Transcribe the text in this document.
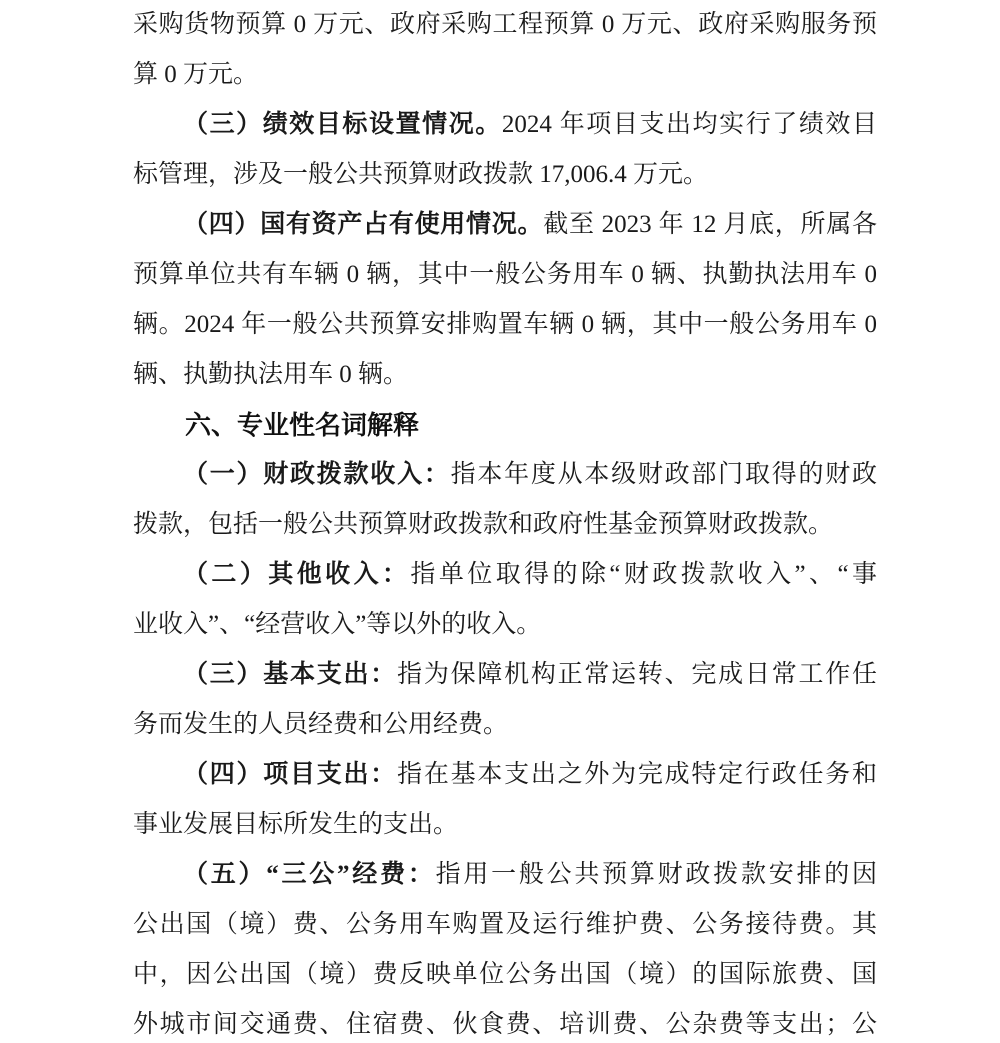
采购货物预算 0 万元、政府采购工程预算 0 万元、政府采购服务预
算 0 万元。
（三）绩效目标设置情况。2024 年项目支出均实行了绩效目
标管理，涉及一般公共预算财政拨款 17,006.4 万元。
（四）国有资产占有使用情况。截至 2023 年 12 月底，所属各
预算单位共有车辆 0 辆，其中一般公务用车 0 辆、执勤执法用车 0
辆。2024 年一般公共预算安排购置车辆 0 辆，其中一般公务用车 0
辆、执勤执法用车 0 辆。
六、专业性名词解释
（一）财政拨款收入：指本年度从本级财政部门取得的财政
拨款，包括一般公共预算财政拨款和政府性基金预算财政拨款。
（二）其他收入：指单位取得的除“财政拨款收入”、“事
业收入”、“经营收入”等以外的收入。
（三）基本支出：指为保障机构正常运转、完成日常工作任
务而发生的人员经费和公用经费。
（四）项目支出：指在基本支出之外为完成特定行政任务和
事业发展目标所发生的支出。
（五）“三公”经费：指用一般公共预算财政拨款安排的因
公出国（境）费、公务用车购置及运行维护费、公务接待费。其
中，因公出国（境）费反映单位公务出国（境）的国际旅费、国
外城市间交通费、住宿费、伙食费、培训费、公杂费等支出；公
